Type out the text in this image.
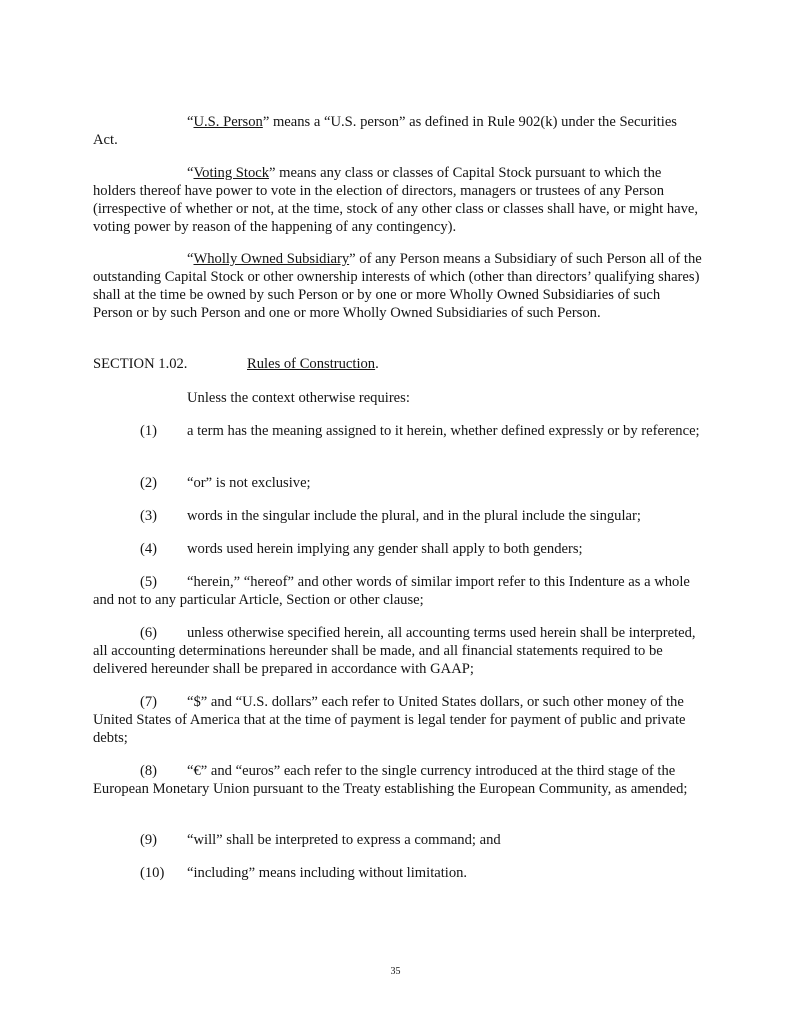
“U.S. Person” means a “U.S. person” as defined in Rule 902(k) under the Securities Act.

“Voting Stock” means any class or classes of Capital Stock pursuant to which the holders thereof have power to vote in the election of directors, managers or trustees of any Person (irrespective of whether or not, at the time, stock of any other class or classes shall have, or might have, voting power by reason of the happening of any contingency).

“Wholly Owned Subsidiary” of any Person means a Subsidiary of such Person all of the outstanding Capital Stock or other ownership interests of which (other than directors’ qualifying shares) shall at the time be owned by such Person or by one or more Wholly Owned Subsidiaries of such Person or by such Person and one or more Wholly Owned Subsidiaries of such Person.

SECTION 1.02.	Rules of Construction.

Unless the context otherwise requires:

(1) a term has the meaning assigned to it herein, whether defined expressly or by reference;

(2) “or” is not exclusive;

(3) words in the singular include the plural, and in the plural include the singular;

(4) words used herein implying any gender shall apply to both genders;

(5) “herein,” “hereof” and other words of similar import refer to this Indenture as a whole and not to any particular Article, Section or other clause;

(6) unless otherwise specified herein, all accounting terms used herein shall be interpreted, all accounting determinations hereunder shall be made, and all financial statements required to be delivered hereunder shall be prepared in accordance with GAAP;

(7) “$” and “U.S. dollars” each refer to United States dollars, or such other money of the United States of America that at the time of payment is legal tender for payment of public and private debts;

(8) “€” and “euros” each refer to the single currency introduced at the third stage of the European Monetary Union pursuant to the Treaty establishing the European Community, as amended;

(9) “will” shall be interpreted to express a command; and

(10) “including” means including without limitation.

35
